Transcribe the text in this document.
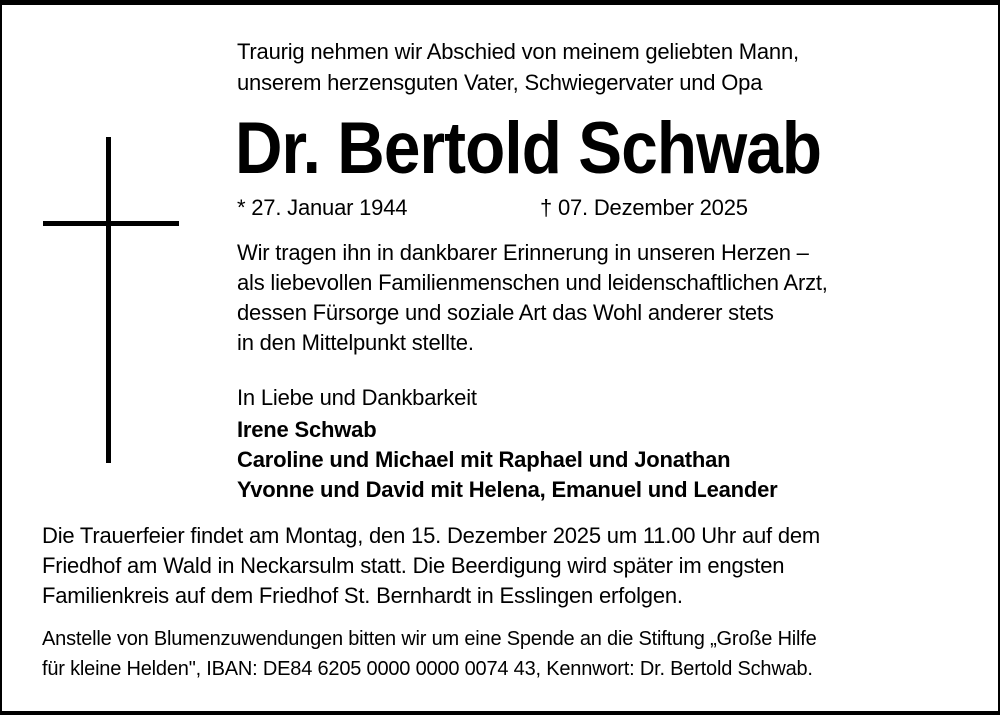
Traurig nehmen wir Abschied von meinem geliebten Mann,
unserem herzensguten Vater, Schwiegervater und Opa
Dr. Bertold Schwab
* 27. Januar 1944	† 07. Dezember 2025
Wir tragen ihn in dankbarer Erinnerung in unseren Herzen –
als liebevollen Familienmenschen und leidenschaftlichen Arzt,
dessen Fürsorge und soziale Art das Wohl anderer stets
in den Mittelpunkt stellte.
In Liebe und Dankbarkeit
Irene Schwab
Caroline und Michael mit Raphael und Jonathan
Yvonne und David mit Helena, Emanuel und Leander
Die Trauerfeier findet am Montag, den 15. Dezember 2025 um 11.00 Uhr auf dem
Friedhof am Wald in Neckarsulm statt. Die Beerdigung wird später im engsten
Familienkreis auf dem Friedhof St. Bernhardt in Esslingen erfolgen.
Anstelle von Blumenzuwendungen bitten wir um eine Spende an die Stiftung „Große Hilfe
für kleine Helden", IBAN: DE84 6205 0000 0000 0074 43, Kennwort: Dr. Bertold Schwab.
